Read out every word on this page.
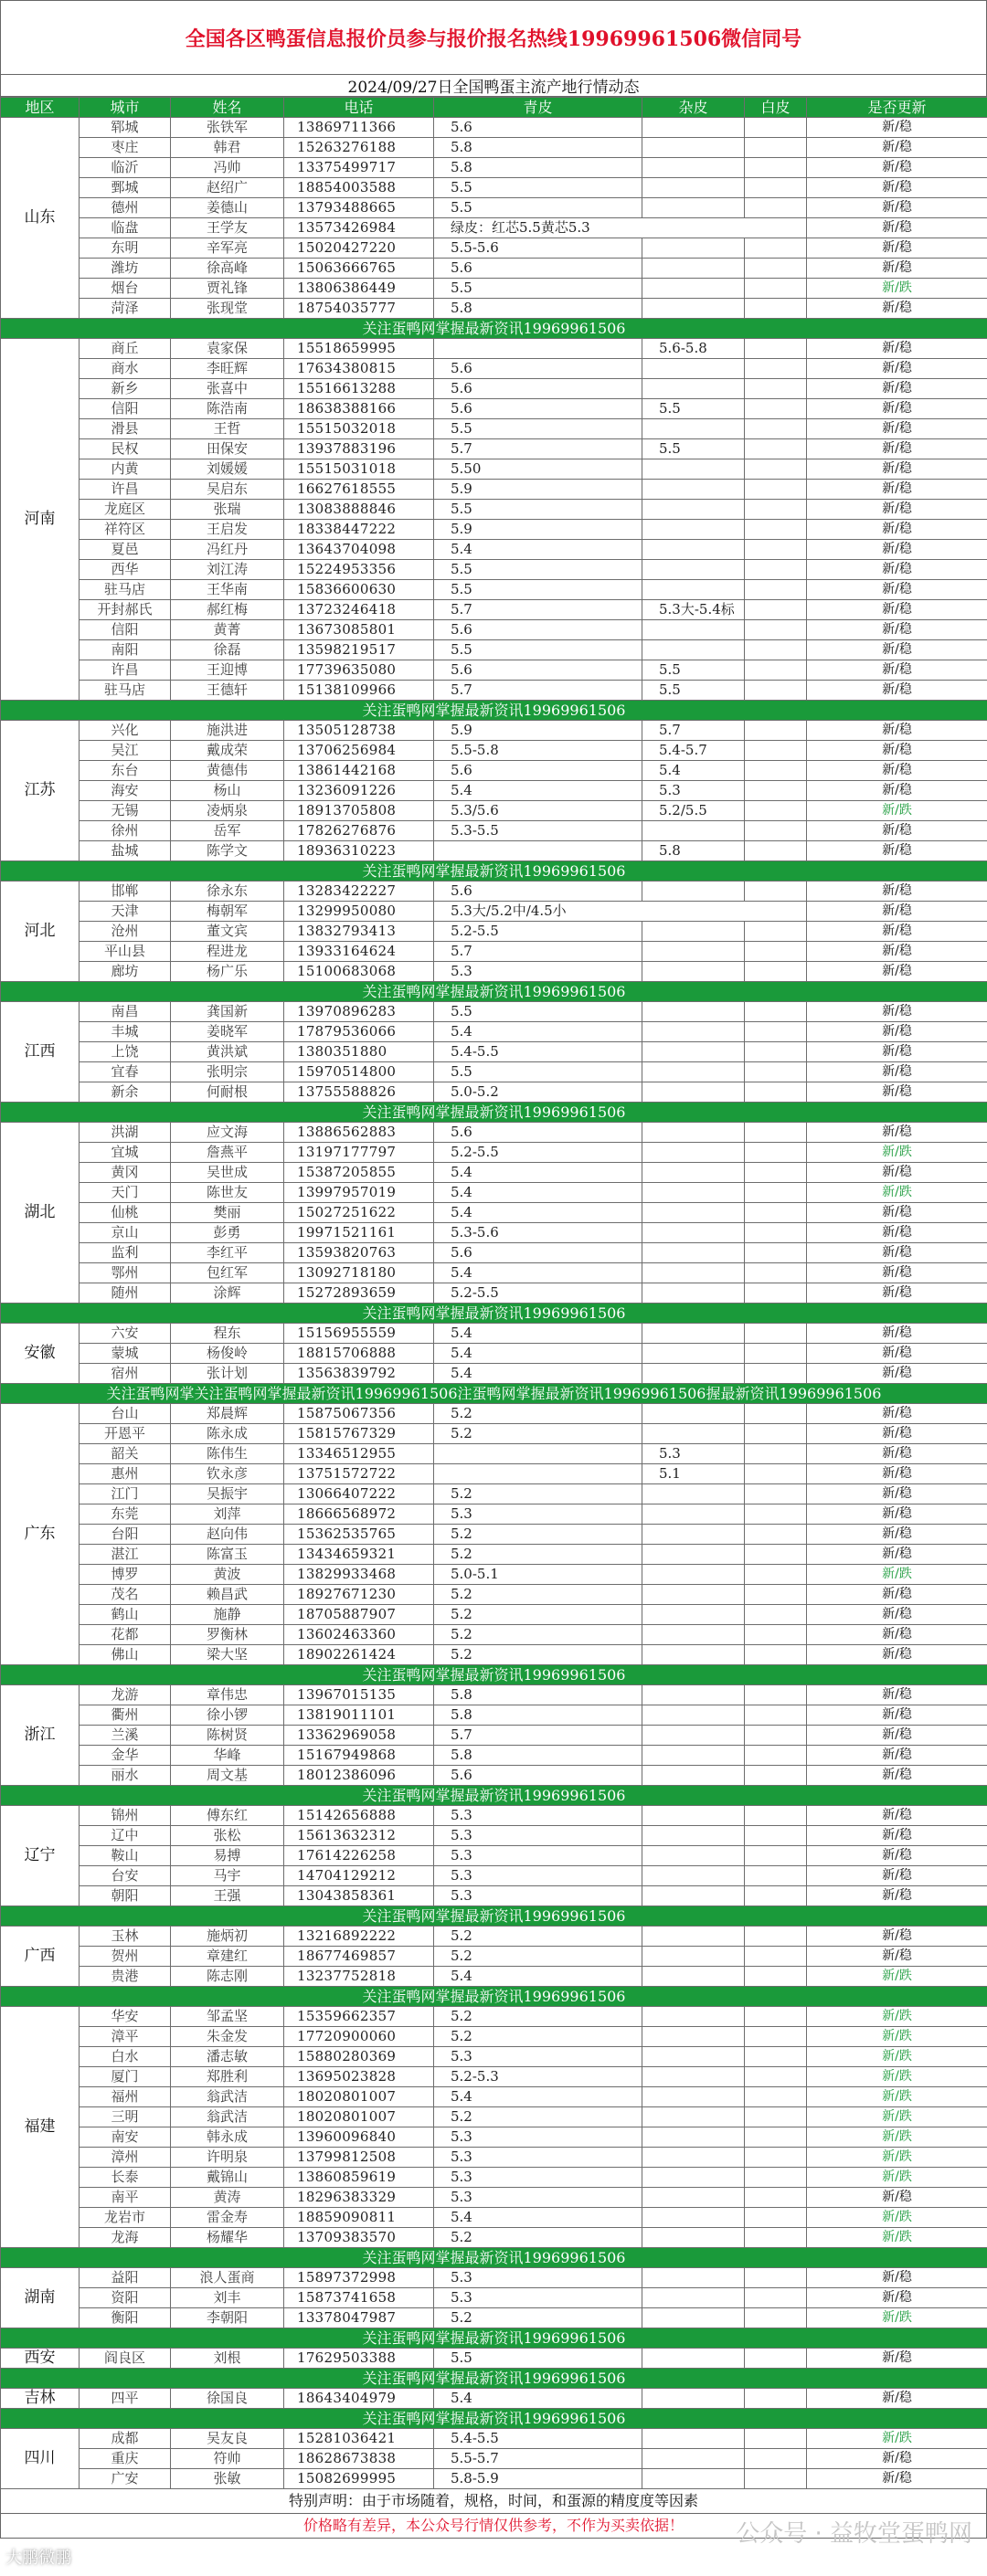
全国各区鸭蛋信息报价员参与报价报名热线19969961506微信同号
2024/09/27日全国鸭蛋主流产地行情动态
地区	城市	姓名	电话	青皮	杂皮	白皮	是否更新
山东	郓城	张铁军	13869711366	5.6			新/稳
	枣庄	韩君	15263276188	5.8			新/稳
	临沂	冯帅	13375499717	5.8			新/稳
	鄄城	赵绍广	18854003588	5.5			新/稳
	德州	姜德山	13793488665	5.5			新/稳
	临盘	王学友	13573426984	绿皮：红芯5.5黄芯5.3			新/稳
	东明	辛军亮	15020427220	5.5-5.6			新/稳
	潍坊	徐高峰	15063666765	5.6			新/稳
	烟台	贾礼锋	13806386449	5.5			新/跌
	菏泽	张现堂	18754035777	5.8			新/稳
关注蛋鸭网掌握最新资讯19969961506							
河南	商丘	袁家保	15518659995		5.6-5.8		新/稳
	商水	李旺辉	17634380815	5.6			新/稳
	新乡	张喜中	15516613288	5.6			新/稳
	信阳	陈浩南	18638388166	5.6	5.5		新/稳
	滑县	王哲	15515032018	5.5			新/稳
	民权	田保安	13937883196	5.7	5.5		新/稳
	内黄	刘媛媛	15515031018	5.50			新/稳
	许昌	吴启东	16627618555	5.9			新/稳
	龙庭区	张瑞	13083888846	5.5			新/稳
	祥符区	王启发	18338447222	5.9			新/稳
	夏邑	冯红丹	13643704098	5.4			新/稳
	西华	刘江涛	15224953356	5.5			新/稳
	驻马店	王华南	15836600630	5.5			新/稳
	开封郝氏	郝红梅	13723246418	5.7	5.3大-5.4标		新/稳
	信阳	黄菁	13673085801	5.6			新/稳
	南阳	徐磊	13598219517	5.5			新/稳
	许昌	王迎博	17739635080	5.6	5.5		新/稳
	驻马店	王德轩	15138109966	5.7	5.5		新/稳
关注蛋鸭网掌握最新资讯19969961506							
江苏	兴化	施洪进	13505128738	5.9	5.7		新/稳
	吴江	戴成荣	13706256984	5.5-5.8	5.4-5.7		新/稳
	东台	黄德伟	13861442168	5.6	5.4		新/稳
	海安	杨山	13236091226	5.4	5.3		新/稳
	无锡	凌炳泉	18913705808	5.3/5.6	5.2/5.5		新/跌
	徐州	岳军	17826276876	5.3-5.5			新/稳
	盐城	陈学文	18936310223		5.8		新/稳
关注蛋鸭网掌握最新资讯19969961506							
河北	邯郸	徐永东	13283422227	5.6			新/稳
	天津	梅朝军	13299950080	5.3大/5.2中/4.5小			新/稳
	沧州	董文宾	13832793413	5.2-5.5			新/稳
	平山县	程进龙	13933164624	5.7			新/稳
	廊坊	杨广乐	15100683068	5.3			新/稳
关注蛋鸭网掌握最新资讯19969961506							
江西	南昌	龚国新	13970896283	5.5			新/稳
	丰城	姜晓军	17879536066	5.4			新/稳
	上饶	黄洪斌	1380351880	5.4-5.5			新/稳
	宜春	张明宗	15970514800	5.5			新/稳
	新余	何耐根	13755588826	5.0-5.2			新/稳
关注蛋鸭网掌握最新资讯19969961506							
湖北	洪湖	应文海	13886562883	5.6			新/稳
	宜城	詹燕平	13197177797	5.2-5.5			新/跌
	黄冈	吴世成	15387205855	5.4			新/稳
	天门	陈世友	13997957019	5.4			新/跌
	仙桃	樊丽	15027251622	5.4			新/稳
	京山	彭勇	19971521161	5.3-5.6			新/稳
	监利	李红平	13593820763	5.6			新/稳
	鄂州	包红军	13092718180	5.4			新/稳
	随州	涂辉	15272893659	5.2-5.5			新/稳
关注蛋鸭网掌握最新资讯19969961506							
安徽	六安	程东	15156955559	5.4			新/稳
	蒙城	杨俊岭	18815706888	5.4			新/稳
	宿州	张计划	13563839792	5.4			新/稳
关注蛋鸭网掌关注蛋鸭网掌握最新资讯19969961506注蛋鸭网掌握最新资讯19969961506握最新资讯19969961506							
广东	台山	郑晨辉	15875067356	5.2			新/稳
	开恩平	陈永成	15815767329	5.2			新/稳
	韶关	陈伟生	13346512955		5.3		新/稳
	惠州	钦永彦	13751572722		5.1		新/稳
	江门	吴振宇	13066407222	5.2			新/稳
	东莞	刘萍	18666568972	5.3			新/稳
	台阳	赵向伟	15362535765	5.2			新/稳
	湛江	陈富玉	13434659321	5.2			新/稳
	博罗	黄波	13829933468	5.0-5.1			新/跌
	茂名	赖昌武	18927671230	5.2			新/稳
	鹤山	施静	18705887907	5.2			新/稳
	花都	罗衡林	13602463360	5.2			新/稳
	佛山	梁大坚	18902261424	5.2			新/稳
关注蛋鸭网掌握最新资讯19969961506							
浙江	龙游	章伟忠	13967015135	5.8			新/稳
	衢州	徐小锣	13819011101	5.8			新/稳
	兰溪	陈树贤	13362969058	5.7			新/稳
	金华	华峰	15167949868	5.8			新/稳
	丽水	周文基	18012386096	5.6			新/稳
关注蛋鸭网掌握最新资讯19969961506							
辽宁	锦州	傅东红	15142656888	5.3			新/稳
	辽中	张松	15613632312	5.3			新/稳
	鞍山	易搏	17614226258	5.3			新/稳
	台安	马宇	14704129212	5.3			新/稳
	朝阳	王强	13043858361	5.3			新/稳
关注蛋鸭网掌握最新资讯19969961506							
广西	玉林	施炳初	13216892222	5.2			新/稳
	贺州	章建红	18677469857	5.2			新/稳
	贵港	陈志刚	13237752818	5.4			新/跌
关注蛋鸭网掌握最新资讯19969961506							
福建	华安	邹孟坚	15359662357	5.2			新/跌
	漳平	朱金发	17720900060	5.2			新/跌
	白水	潘志敏	15880280369	5.3			新/跌
	厦门	郑胜利	13695023828	5.2-5.3			新/跌
	福州	翁武洁	18020801007	5.4			新/跌
	三明	翁武洁	18020801007	5.2			新/跌
	南安	韩永成	13960096840	5.3			新/跌
	漳州	许明泉	13799812508	5.3			新/跌
	长泰	戴锦山	13860859619	5.3			新/跌
	南平	黄涛	18296383329	5.3			新/稳
	龙岩市	雷金寿	18859090811	5.4			新/跌
	龙海	杨耀华	13709383570	5.2			新/跌
关注蛋鸭网掌握最新资讯19969961506							
湖南	益阳	浪人蛋商	15897372998	5.3			新/稳
	资阳	刘丰	15873741658	5.3			新/稳
	衡阳	李朝阳	13378047987	5.2			新/跌
关注蛋鸭网掌握最新资讯19969961506							
西安	阎良区	刘根	17629503388	5.5			新/稳
关注蛋鸭网掌握最新资讯19969961506							
吉林	四平	徐国良	18643404979	5.4			新/稳
关注蛋鸭网掌握最新资讯19969961506							
四川	成都	吴友良	15281036421	5.4-5.5			新/跌
	重庆	符帅	18628673838	5.5-5.7			新/稳
	广安	张敏	15082699995	5.8-5.9			新/稳
特别声明：由于市场随着，规格，时间，和蛋源的精度度等因素
价格略有差异，本公众号行情仅供参考，不作为买卖依据！
大鹏微鹏
公众号 · 益牧堂蛋鸭网
